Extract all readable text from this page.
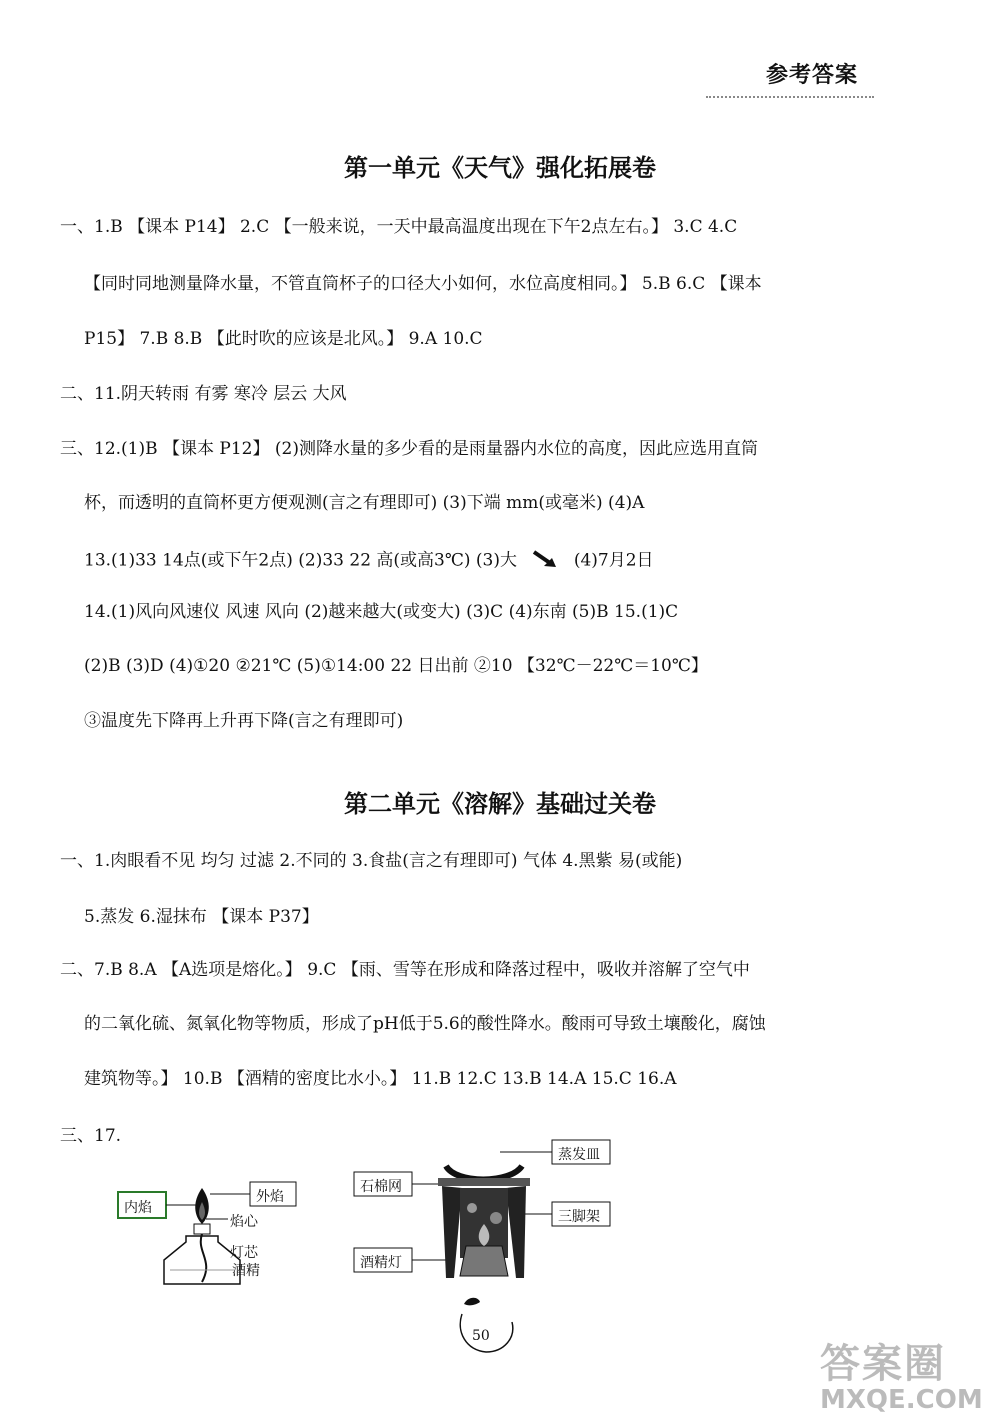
参考答案
第一单元《天气》强化拓展卷
一、1.B 【课本 P14】 2.C 【一般来说，一天中最高温度出现在下午2点左右。】 3.C 4.C
【同时同地测量降水量，不管直筒杯子的口径大小如何，水位高度相同。】 5.B 6.C 【课本
P15】 7.B 8.B 【此时吹的应该是北风。】 9.A 10.C
二、11.阴天转雨 有雾 寒冷 层云 大风
三、12.(1)B 【课本 P12】 (2)测降水量的多少看的是雨量器内水位的高度，因此应选用直筒
杯，而透明的直筒杯更方便观测(言之有理即可) (3)下端 mm(或毫米) (4)A
13.(1)33 14点(或下午2点) (2)33 22 高(或高3℃) (3)大	(4)7月2日
14.(1)风向风速仪 风速 风向 (2)越来越大(或变大) (3)C (4)东南 (5)B 15.(1)C
(2)B (3)D (4)①20 ②21℃ (5)①14:00 22 日出前 ②10 【32℃－22℃＝10℃】
③温度先下降再上升再下降(言之有理即可)
第二单元《溶解》基础过关卷
一、1.肉眼看不见 均匀 过滤 2.不同的 3.食盐(言之有理即可) 气体 4.黑紫 易(或能)
5.蒸发 6.湿抹布 【课本 P37】
二、7.B 8.A 【A选项是熔化。】 9.C 【雨、雪等在形成和降落过程中，吸收并溶解了空气中
的二氧化硫、氮氧化物等物质，形成了pH低于5.6的酸性降水。酸雨可导致土壤酸化，腐蚀
建筑物等。】 10.B 【酒精的密度比水小。】 11.B 12.C 13.B 14.A 15.C 16.A
三、17.
内焰
外焰
焰心
灯芯
酒精
蒸发皿
石棉网
三脚架
酒精灯
50
答案圈
MXQE.COM
